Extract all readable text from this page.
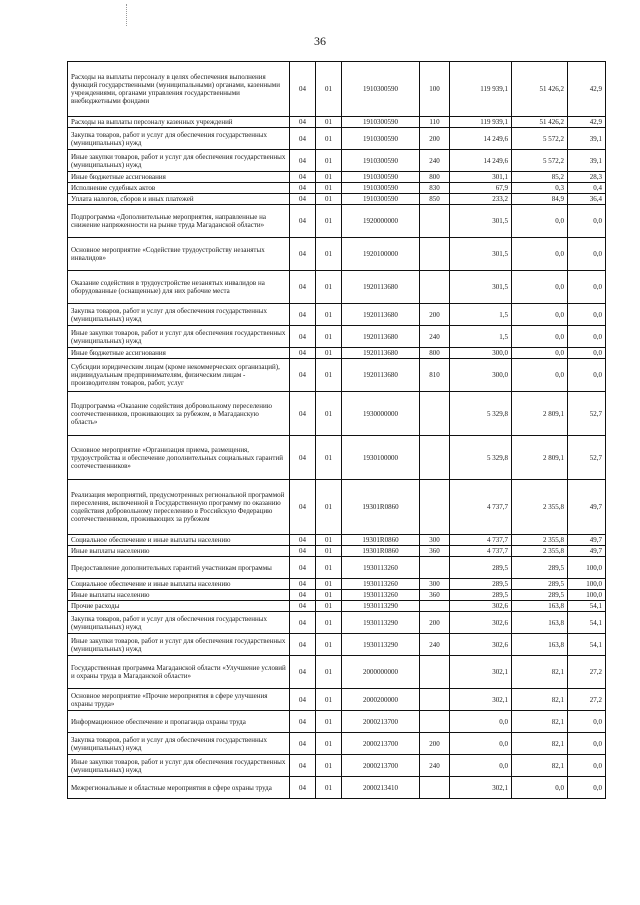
36
Расходы на выплаты персоналу в целях обеспечения выполнения функций государственными (муниципальными) органами, казенными учреждениями, органами управления государственными внебюджетными фондами	04	01	1910300590	100	119 939,1	51 426,2	42,9
Расходы на выплаты персоналу казенных учреждений	04	01	1910300590	110	119 939,1	51 426,2	42,9
Закупка товаров, работ и услуг для обеспечения государственных (муниципальных) нужд	04	01	1910300590	200	14 249,6	5 572,2	39,1
Иные закупки товаров, работ и услуг для обеспечения государственных (муниципальных) нужд	04	01	1910300590	240	14 249,6	5 572,2	39,1
Иные бюджетные ассигнования	04	01	1910300590	800	301,1	85,2	28,3
Исполнение судебных актов	04	01	1910300590	830	67,9	0,3	0,4
Уплата налогов, сборов и иных платежей	04	01	1910300590	850	233,2	84,9	36,4
Подпрограмма «Дополнительные мероприятия, направленные на снижение напряженности на рынке труда Магаданской области»	04	01	1920000000		301,5	0,0	0,0
Основное мероприятие «Содействие трудоустройству незанятых инвалидов»	04	01	1920100000		301,5	0,0	0,0
Оказание содействия в трудоустройстве незанятых инвалидов на оборудованные (оснащенные) для них рабочие места	04	01	1920113680		301,5	0,0	0,0
Закупка товаров, работ и услуг для обеспечения государственных (муниципальных) нужд	04	01	1920113680	200	1,5	0,0	0,0
Иные закупки товаров, работ и услуг для обеспечения государственных (муниципальных) нужд	04	01	1920113680	240	1,5	0,0	0,0
Иные бюджетные ассигнования	04	01	1920113680	800	300,0	0,0	0,0
Субсидии юридическим лицам (кроме некоммерческих организаций), индивидуальным предпринимателям, физическим лицам - производителям товаров, работ, услуг	04	01	1920113680	810	300,0	0,0	0,0
Подпрограмма «Оказание содействия добровольному переселению соотечественников, проживающих за рубежом, в Магаданскую область»	04	01	1930000000		5 329,8	2 809,1	52,7
Основное мероприятие «Организация приема, размещения, трудоустройства и обеспечение дополнительных социальных гарантий соотечественников»	04	01	1930100000		5 329,8	2 809,1	52,7
Реализация мероприятий, предусмотренных региональной программой переселения, включенной в Государственную программу по оказанию содействия добровольному переселению в Российскую Федерацию соотечественников, проживающих за рубежом	04	01	19301R0860		4 737,7	2 355,8	49,7
Социальное обеспечение и иные выплаты населению	04	01	19301R0860	300	4 737,7	2 355,8	49,7
Иные выплаты населению	04	01	19301R0860	360	4 737,7	2 355,8	49,7
Предоставление дополнительных гарантий участникам программы	04	01	1930113260		289,5	289,5	100,0
Социальное обеспечение и иные выплаты населению	04	01	1930113260	300	289,5	289,5	100,0
Иные выплаты населению	04	01	1930113260	360	289,5	289,5	100,0
Прочие расходы	04	01	1930113290		302,6	163,8	54,1
Закупка товаров, работ и услуг для обеспечения государственных (муниципальных) нужд	04	01	1930113290	200	302,6	163,8	54,1
Иные закупки товаров, работ и услуг для обеспечения государственных (муниципальных) нужд	04	01	1930113290	240	302,6	163,8	54,1
Государственная программа Магаданской области «Улучшение условий и охраны труда в Магаданской области»	04	01	2000000000		302,1	82,1	27,2
Основное мероприятие «Прочие мероприятия в сфере улучшения охраны труда»	04	01	2000200000		302,1	82,1	27,2
Информационное обеспечение и пропаганда охраны труда	04	01	2000213700		0,0	82,1	0,0
Закупка товаров, работ и услуг для обеспечения государственных (муниципальных) нужд	04	01	2000213700	200	0,0	82,1	0,0
Иные закупки товаров, работ и услуг для обеспечения государственных (муниципальных) нужд	04	01	2000213700	240	0,0	82,1	0,0
Межрегиональные и областные мероприятия в сфере охраны труда	04	01	2000213410		302,1	0,0	0,0
